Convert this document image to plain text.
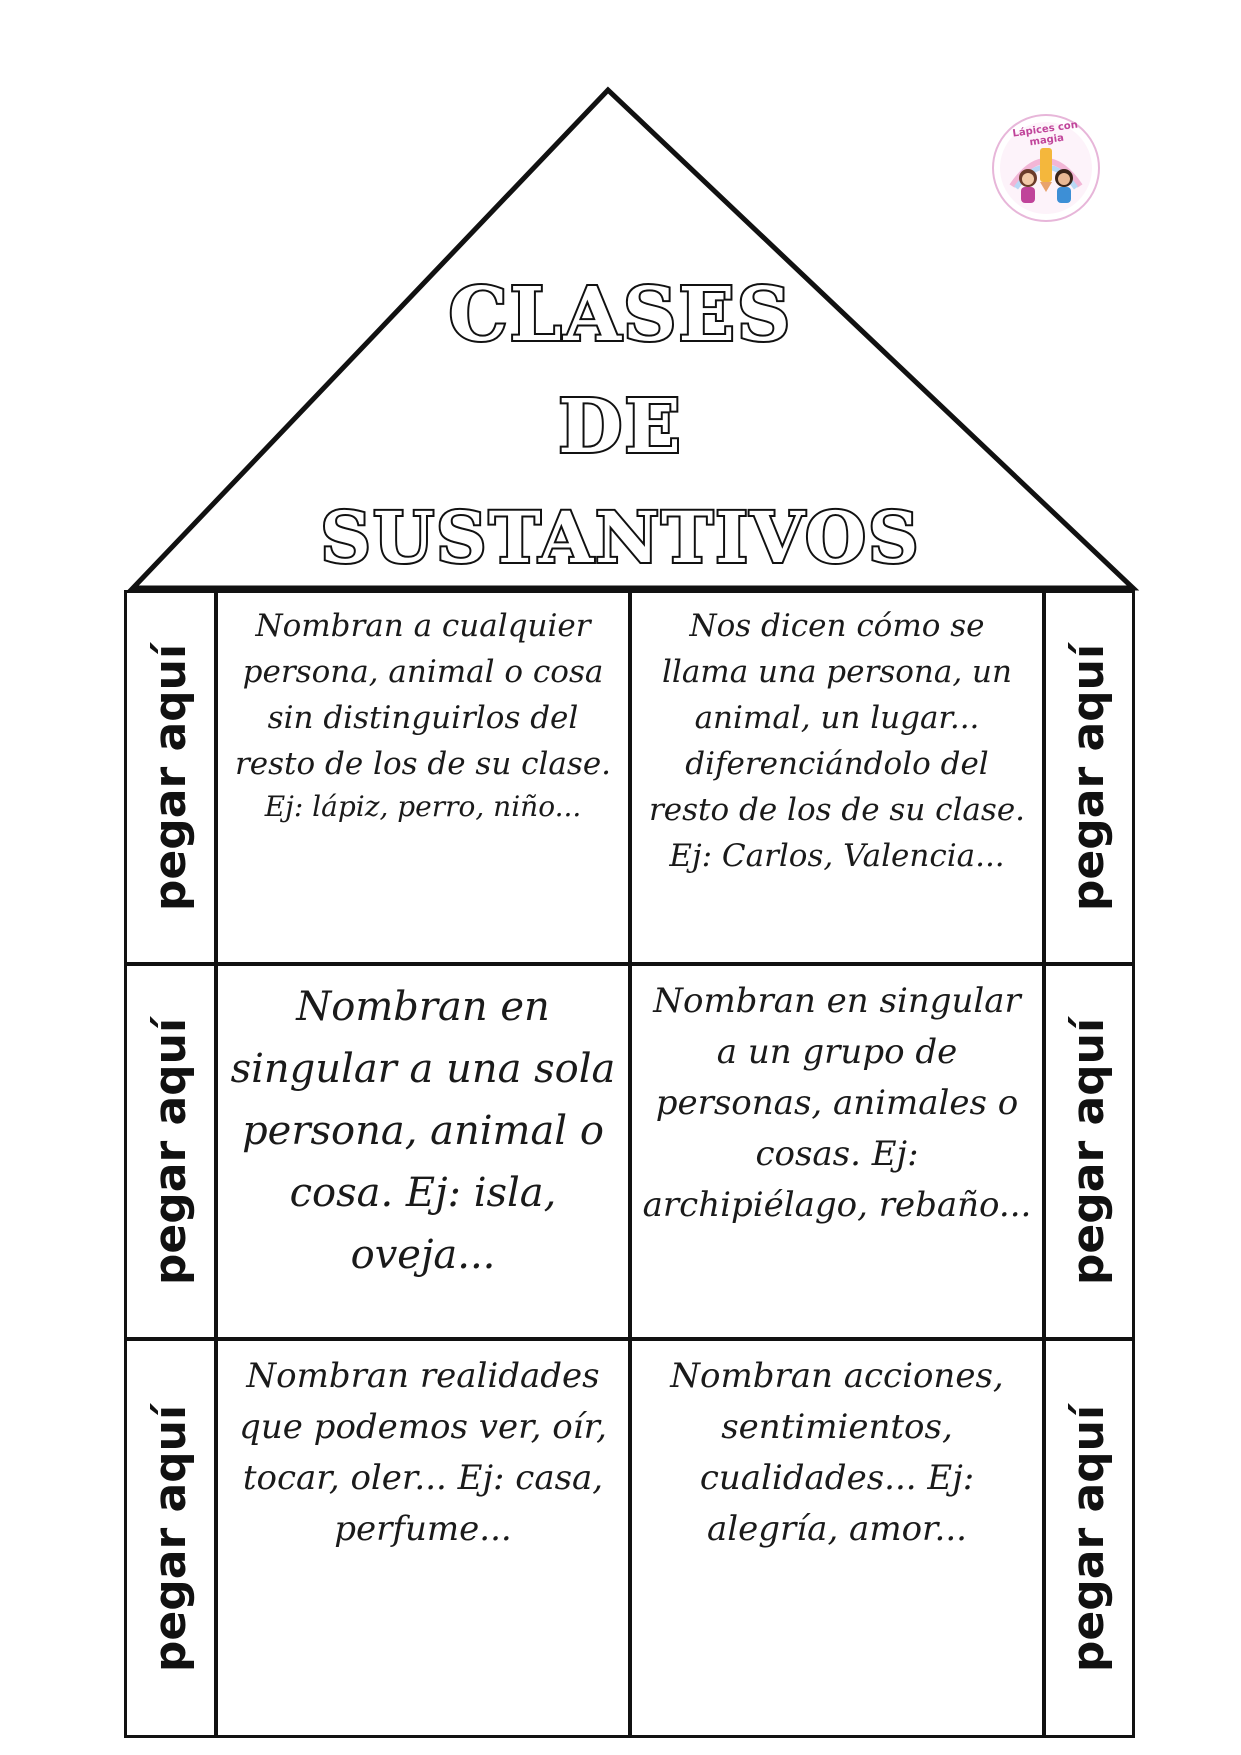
Lápices con magia
CLASES
DE
SUSTANTIVOS
pegar aquí

Nombran a cualquier persona, animal o cosa sin distinguirlos del resto de los de su clase.
Ej: lápiz, perro, niño...

Nos dicen cómo se llama una persona, un animal, un lugar... diferenciándolo del resto de los de su clase. Ej: Carlos, Valencia...	pegar aquí
pegar aquí

Nombran en singular a una sola persona, animal o cosa. Ej: isla, oveja...

Nombran en singular a un grupo de personas, animales o cosas. Ej: archipiélago, rebaño... pegar aquí
pegar aquí

Nombran realidades que podemos ver, oír, tocar, oler... Ej: casa, perfume...

Nombran acciones, sentimientos, cualidades... Ej: alegría, amor...	pegar aquí
